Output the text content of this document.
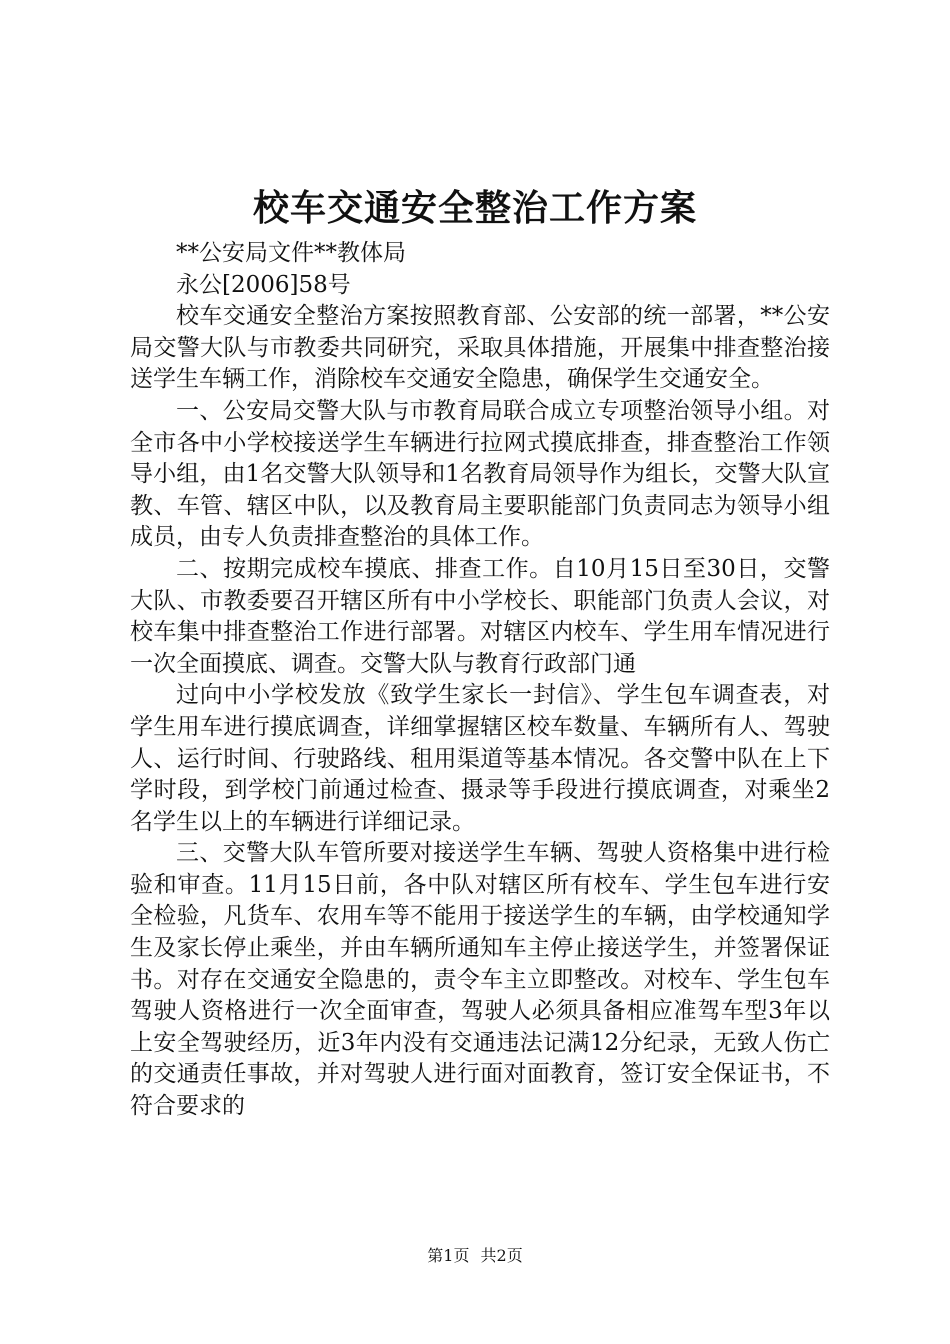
校车交通安全整治工作方案

**公安局文件**教体局

永公[2006]58号

校车交通安全整治方案按照教育部、公安部的统一部署，**公安局交警大队与市教委共同研究，采取具体措施，开展集中排查整治接送学生车辆工作，消除校车交通安全隐患，确保学生交通安全。

一、公安局交警大队与市教育局联合成立专项整治领导小组。对全市各中小学校接送学生车辆进行拉网式摸底排查，排查整治工作领导小组，由1名交警大队领导和1名教育局领导作为组长，交警大队宣教、车管、辖区中队，以及教育局主要职能部门负责同志为领导小组成员，由专人负责排查整治的具体工作。

二、按期完成校车摸底、排查工作。自10月15日至30日，交警大队、市教委要召开辖区所有中小学校长、职能部门负责人会议，对校车集中排查整治工作进行部署。对辖区内校车、学生用车情况进行一次全面摸底、调查。交警大队与教育行政部门通

过向中小学校发放《致学生家长一封信》、学生包车调查表，对学生用车进行摸底调查，详细掌握辖区校车数量、车辆所有人、驾驶人、运行时间、行驶路线、租用渠道等基本情况。各交警中队在上下学时段，到学校门前通过检查、摄录等手段进行摸底调查，对乘坐2名学生以上的车辆进行详细记录。

三、交警大队车管所要对接送学生车辆、驾驶人资格集中进行检验和审查。11月15日前，各中队对辖区所有校车、学生包车进行安全检验，凡货车、农用车等不能用于接送学生的车辆，由学校通知学生及家长停止乘坐，并由车辆所通知车主停止接送学生，并签署保证书。对存在交通安全隐患的，责令车主立即整改。对校车、学生包车驾驶人资格进行一次全面审查，驾驶人必须具备相应准驾车型3年以上安全驾驶经历，近3年内没有交通违法记满12分纪录，无致人伤亡的交通责任事故，并对驾驶人进行面对面教育，签订安全保证书，不符合要求的

第1页 共2页
